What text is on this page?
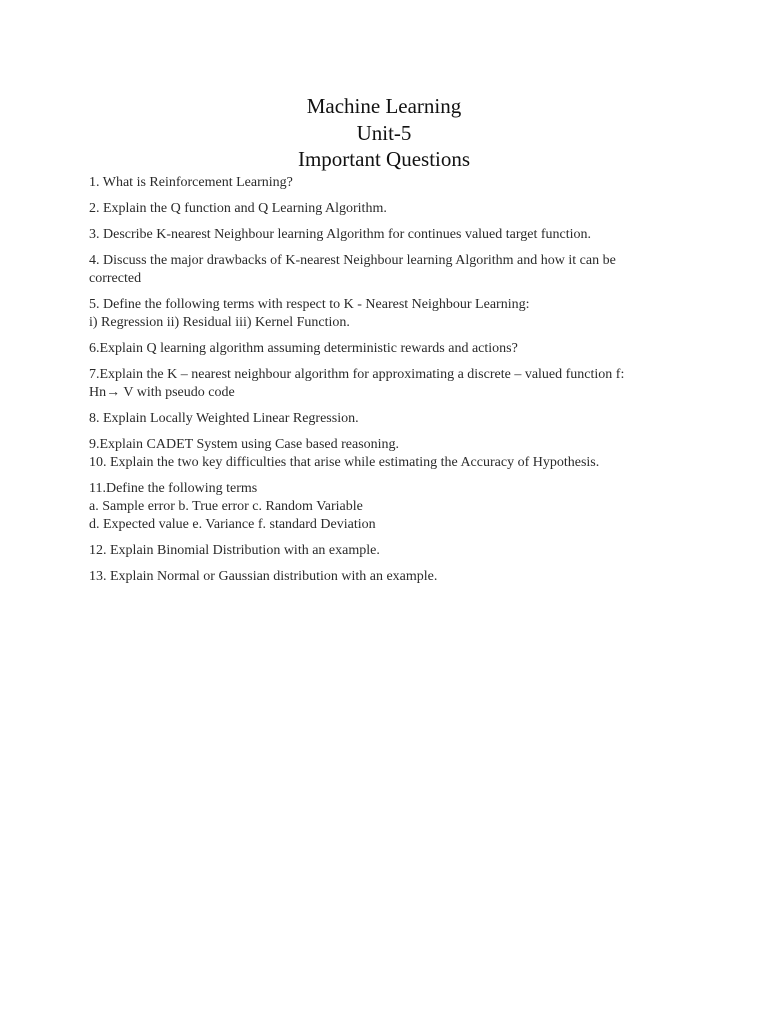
Machine Learning
Unit-5
Important Questions
1. What is Reinforcement Learning?
2. Explain the Q function and Q Learning Algorithm.
3. Describe K-nearest Neighbour learning Algorithm for continues valued target function.
4. Discuss the major drawbacks of K-nearest Neighbour learning Algorithm and how it can be
corrected
5. Define the following terms with respect to K - Nearest Neighbour Learning:
i) Regression ii) Residual iii) Kernel Function.
6.Explain Q learning algorithm assuming deterministic rewards and actions?
7.Explain the K – nearest neighbour algorithm for approximating a discrete – valued function f:
Hn→ V with pseudo code
8. Explain Locally Weighted Linear Regression.
9.Explain CADET System using Case based reasoning.
10. Explain the two key difficulties that arise while estimating the Accuracy of Hypothesis.
11.Define the following terms
a. Sample error b. True error c. Random Variable
d. Expected value e. Variance f. standard Deviation
12. Explain Binomial Distribution with an example.
13. Explain Normal or Gaussian distribution with an example.
